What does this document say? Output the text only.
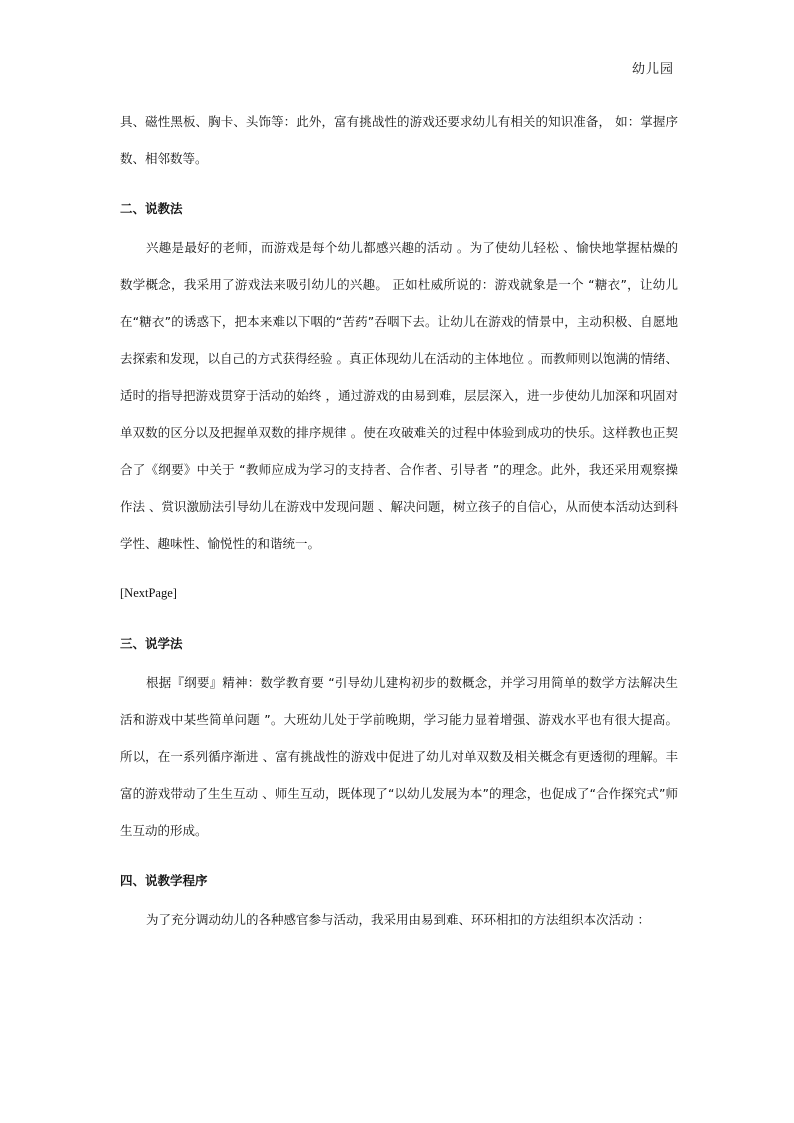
幼儿园

具、磁性黑板、胸卡、头饰等：此外，富有挑战性的游戏还要求幼儿有相关的知识准备， 如：掌握序数、相邻数等。

二、说教法

兴趣是最好的老师，而游戏是每个幼儿都感兴趣的活动 。为了使幼儿轻松 、愉快地掌握枯燥的数学概念，我采用了游戏法来吸引幼儿的兴趣。 正如杜威所说的：游戏就象是一个 “糖衣”，让幼儿在“糖衣”的诱惑下，把本来难以下咽的“苦药”吞咽下去。让幼儿在游戏的情景中，主动积极、自愿地去探索和发现，以自己的方式获得经验 。真正体现幼儿在活动的主体地位 。而教师则以饱满的情绪、适时的指导把游戏贯穿于活动的始终 ，通过游戏的由易到难，层层深入，进一步使幼儿加深和巩固对单双数的区分以及把握单双数的排序规律 。使在攻破难关的过程中体验到成功的快乐。这样教也正契合了《纲要》中关于 “教师应成为学习的支持者、合作者、引导者 ”的理念。此外，我还采用观察操作法 、赏识激励法引导幼儿在游戏中发现问题 、解决问题，树立孩子的自信心，从而使本活动达到科学性、趣味性、愉悦性的和谐统一。

[NextPage]

三、说学法

根据『纲要』精神：数学教育要 “引导幼儿建构初步的数概念，并学习用简单的数学方法解决生活和游戏中某些简单问题 ”。大班幼儿处于学前晚期，学习能力显着增强、游戏水平也有很大提高。所以，在一系列循序渐进 、富有挑战性的游戏中促进了幼儿对单双数及相关概念有更透彻的理解。丰富的游戏带动了生生互动 、师生互动，既体现了“以幼儿发展为本”的理念，也促成了“合作探究式”师生互动的形成。

四、说教学程序

为了充分调动幼儿的各种感官参与活动，我采用由易到难、环环相扣的方法组织本次活动 ：
